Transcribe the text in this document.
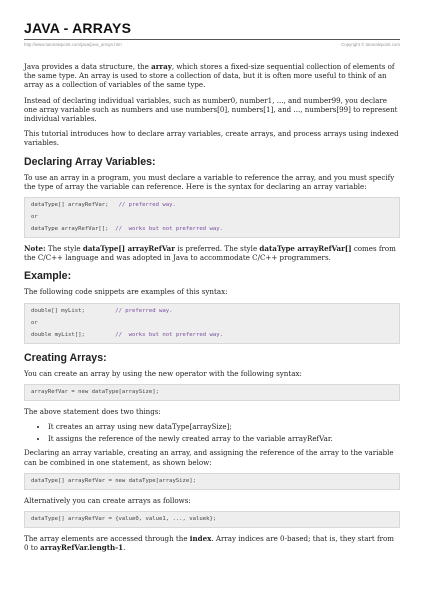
JAVA - ARRAYS
http://www.tutorialspoint.com/java/java_arrays.htm	Copyright © tutorialspoint.com

Java provides a data structure, the array, which stores a fixed-size sequential collection of elements of the same type. An array is used to store a collection of data, but it is often more useful to think of an array as a collection of variables of the same type.

Instead of declaring individual variables, such as number0, number1, ..., and number99, you declare one array variable such as numbers and use numbers[0], numbers[1], and ..., numbers[99] to represent individual variables.

This tutorial introduces how to declare array variables, create arrays, and process arrays using indexed variables.

Declaring Array Variables:

To use an array in a program, you must declare a variable to reference the array, and you must specify the type of array the variable can reference. Here is the syntax for declaring an array variable:

dataType[] arrayRefVar;   // preferred way.
or
dataType arrayRefVar[];  //  works but not preferred way.

Note: The style dataType[] arrayRefVar is preferred. The style dataType arrayRefVar[] comes from the C/C++ language and was adopted in Java to accommodate C/C++ programmers.

Example:

The following code snippets are examples of this syntax:

double[] myList;         // preferred way.
or
double myList[];         //  works but not preferred way.
Creating Arrays:

You can create an array by using the new operator with the following syntax:

arrayRefVar = new dataType[arraySize];

The above statement does two things:

• It creates an array using new dataType[arraySize];
• It assigns the reference of the newly created array to the variable arrayRefVar.

Declaring an array variable, creating an array, and assigning the reference of the array to the variable can be combined in one statement, as shown below:

dataType[] arrayRefVar = new dataType[arraySize];

Alternatively you can create arrays as follows:

dataType[] arrayRefVar = {value0, value1, ..., valuek};

The array elements are accessed through the index. Array indices are 0-based; that is, they start from 0 to arrayRefVar.length-1.
